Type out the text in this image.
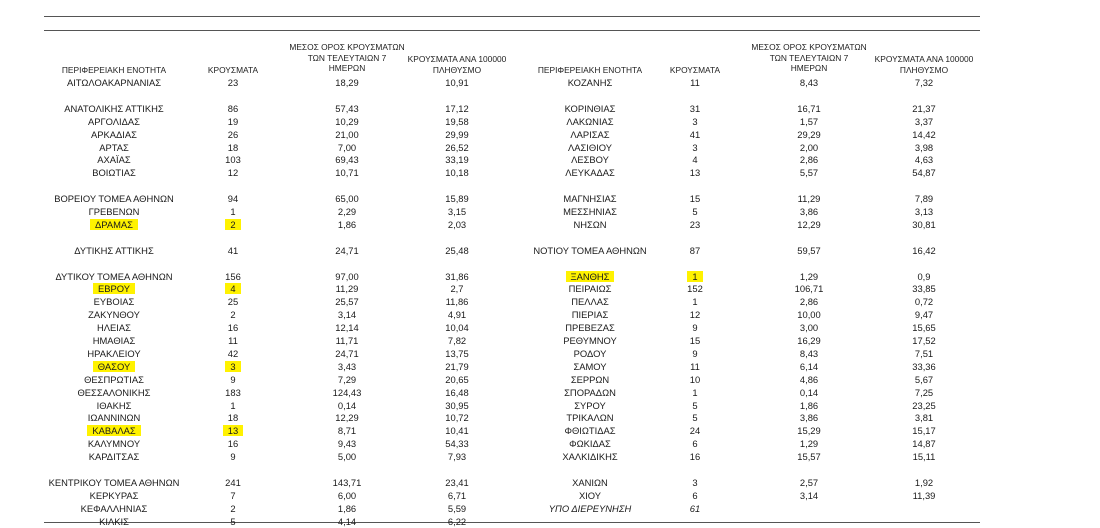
ΠΕΡΙΦΕΡΕΙΑΚΗ ΕΝΟΤΗΤΑ	ΚΡΟΥΣΜΑΤΑ
ΜΕΣΟΣ ΟΡΟΣ ΚΡΟΥΣΜΑΤΩΝ
ΤΩΝ ΤΕΛΕΥΤΑΙΩΝ 7
ΗΜΕΡΩΝ
ΚΡΟΥΣΜΑΤΑ ΑΝΑ 100000
ΠΛΗΘΥΣΜΟ	ΠΕΡΙΦΕΡΕΙΑΚΗ ΕΝΟΤΗΤΑ	ΚΡΟΥΣΜΑΤΑ
ΜΕΣΟΣ ΟΡΟΣ ΚΡΟΥΣΜΑΤΩΝ
ΤΩΝ ΤΕΛΕΥΤΑΙΩΝ 7
ΗΜΕΡΩΝ
ΚΡΟΥΣΜΑΤΑ ΑΝΑ 100000
ΠΛΗΘΥΣΜΟ
ΑΙΤΩΛΟΑΚΑΡΝΑΝΙΑΣ	23	18,29	10,91
ΑΝΑΤΟΛΙΚΗΣ ΑΤΤΙΚΗΣ	86	57,43	17,12
ΑΡΓΟΛΙΔΑΣ	19	10,29	19,58
ΑΡΚΑΔΙΑΣ	26	21,00	29,99
ΑΡΤΑΣ	18	7,00	26,52
ΑΧΑΪΑΣ	103	69,43	33,19
ΒΟΙΩΤΙΑΣ	12	10,71	10,18
ΒΟΡΕΙΟΥ ΤΟΜΕΑ ΑΘΗΝΩΝ	94	65,00	15,89
ΓΡΕΒΕΝΩΝ	1	2,29	3,15
ΔΡΑΜΑΣ	2	1,86	2,03
ΔΥΤΙΚΗΣ ΑΤΤΙΚΗΣ	41	24,71	25,48
ΔΥΤΙΚΟΥ ΤΟΜΕΑ ΑΘΗΝΩΝ	156	97,00	31,86
ΕΒΡΟΥ	4	11,29	2,7
ΕΥΒΟΙΑΣ	25	25,57	11,86
ΖΑΚΥΝΘΟΥ	2	3,14	4,91
ΗΛΕΙΑΣ	16	12,14	10,04
ΗΜΑΘΙΑΣ	11	11,71	7,82
ΗΡΑΚΛΕΙΟΥ	42	24,71	13,75
ΘΑΣΟΥ	3	3,43	21,79
ΘΕΣΠΡΩΤΙΑΣ	9	7,29	20,65
ΘΕΣΣΑΛΟΝΙΚΗΣ	183	124,43	16,48
ΙΘΑΚΗΣ	1	0,14	30,95
ΙΩΑΝΝΙΝΩΝ	18	12,29	10,72
ΚΑΒΑΛΑΣ	13	8,71	10,41
ΚΑΛΥΜΝΟΥ	16	9,43	54,33
ΚΑΡΔΙΤΣΑΣ	9	5,00	7,93
ΚΕΝΤΡΙΚΟΥ ΤΟΜΕΑ ΑΘΗΝΩΝ	241	143,71	23,41
ΚΕΡΚΥΡΑΣ	7	6,00	6,71
ΚΕΦΑΛΛΗΝΙΑΣ	2	1,86	5,59
ΚΙΛΚΙΣ	5	4,14	6,22
ΚΟΖΑΝΗΣ	11	8,43	7,32
ΚΟΡΙΝΘΙΑΣ	31	16,71	21,37
ΛΑΚΩΝΙΑΣ	3	1,57	3,37
ΛΑΡΙΣΑΣ	41	29,29	14,42
ΛΑΣΙΘΙΟΥ	3	2,00	3,98
ΛΕΣΒΟΥ	4	2,86	4,63
ΛΕΥΚΑΔΑΣ	13	5,57	54,87
ΜΑΓΝΗΣΙΑΣ	15	11,29	7,89
ΜΕΣΣΗΝΙΑΣ	5	3,86	3,13
ΝΗΣΩΝ	23	12,29	30,81
ΝΟΤΙΟΥ ΤΟΜΕΑ ΑΘΗΝΩΝ	87	59,57	16,42
ΞΑΝΘΗΣ	1	1,29	0,9
ΠΕΙΡΑΙΩΣ	152	106,71	33,85
ΠΕΛΛΑΣ	1	2,86	0,72
ΠΙΕΡΙΑΣ	12	10,00	9,47
ΠΡΕΒΕΖΑΣ	9	3,00	15,65
ΡΕΘΥΜΝΟΥ	15	16,29	17,52
ΡΟΔΟΥ	9	8,43	7,51
ΣΑΜΟΥ	11	6,14	33,36
ΣΕΡΡΩΝ	10	4,86	5,67
ΣΠΟΡΑΔΩΝ	1	0,14	7,25
ΣΥΡΟΥ	5	1,86	23,25
ΤΡΙΚΑΛΩΝ	5	3,86	3,81
ΦΘΙΩΤΙΔΑΣ	24	15,29	15,17
ΦΩΚΙΔΑΣ	6	1,29	14,87
ΧΑΛΚΙΔΙΚΗΣ	16	15,57	15,11
ΧΑΝΙΩΝ	3	2,57	1,92
ΧΙΟΥ	6	3,14	11,39
ΥΠΟ ΔΙΕΡΕΥΝΗΣΗ	61
